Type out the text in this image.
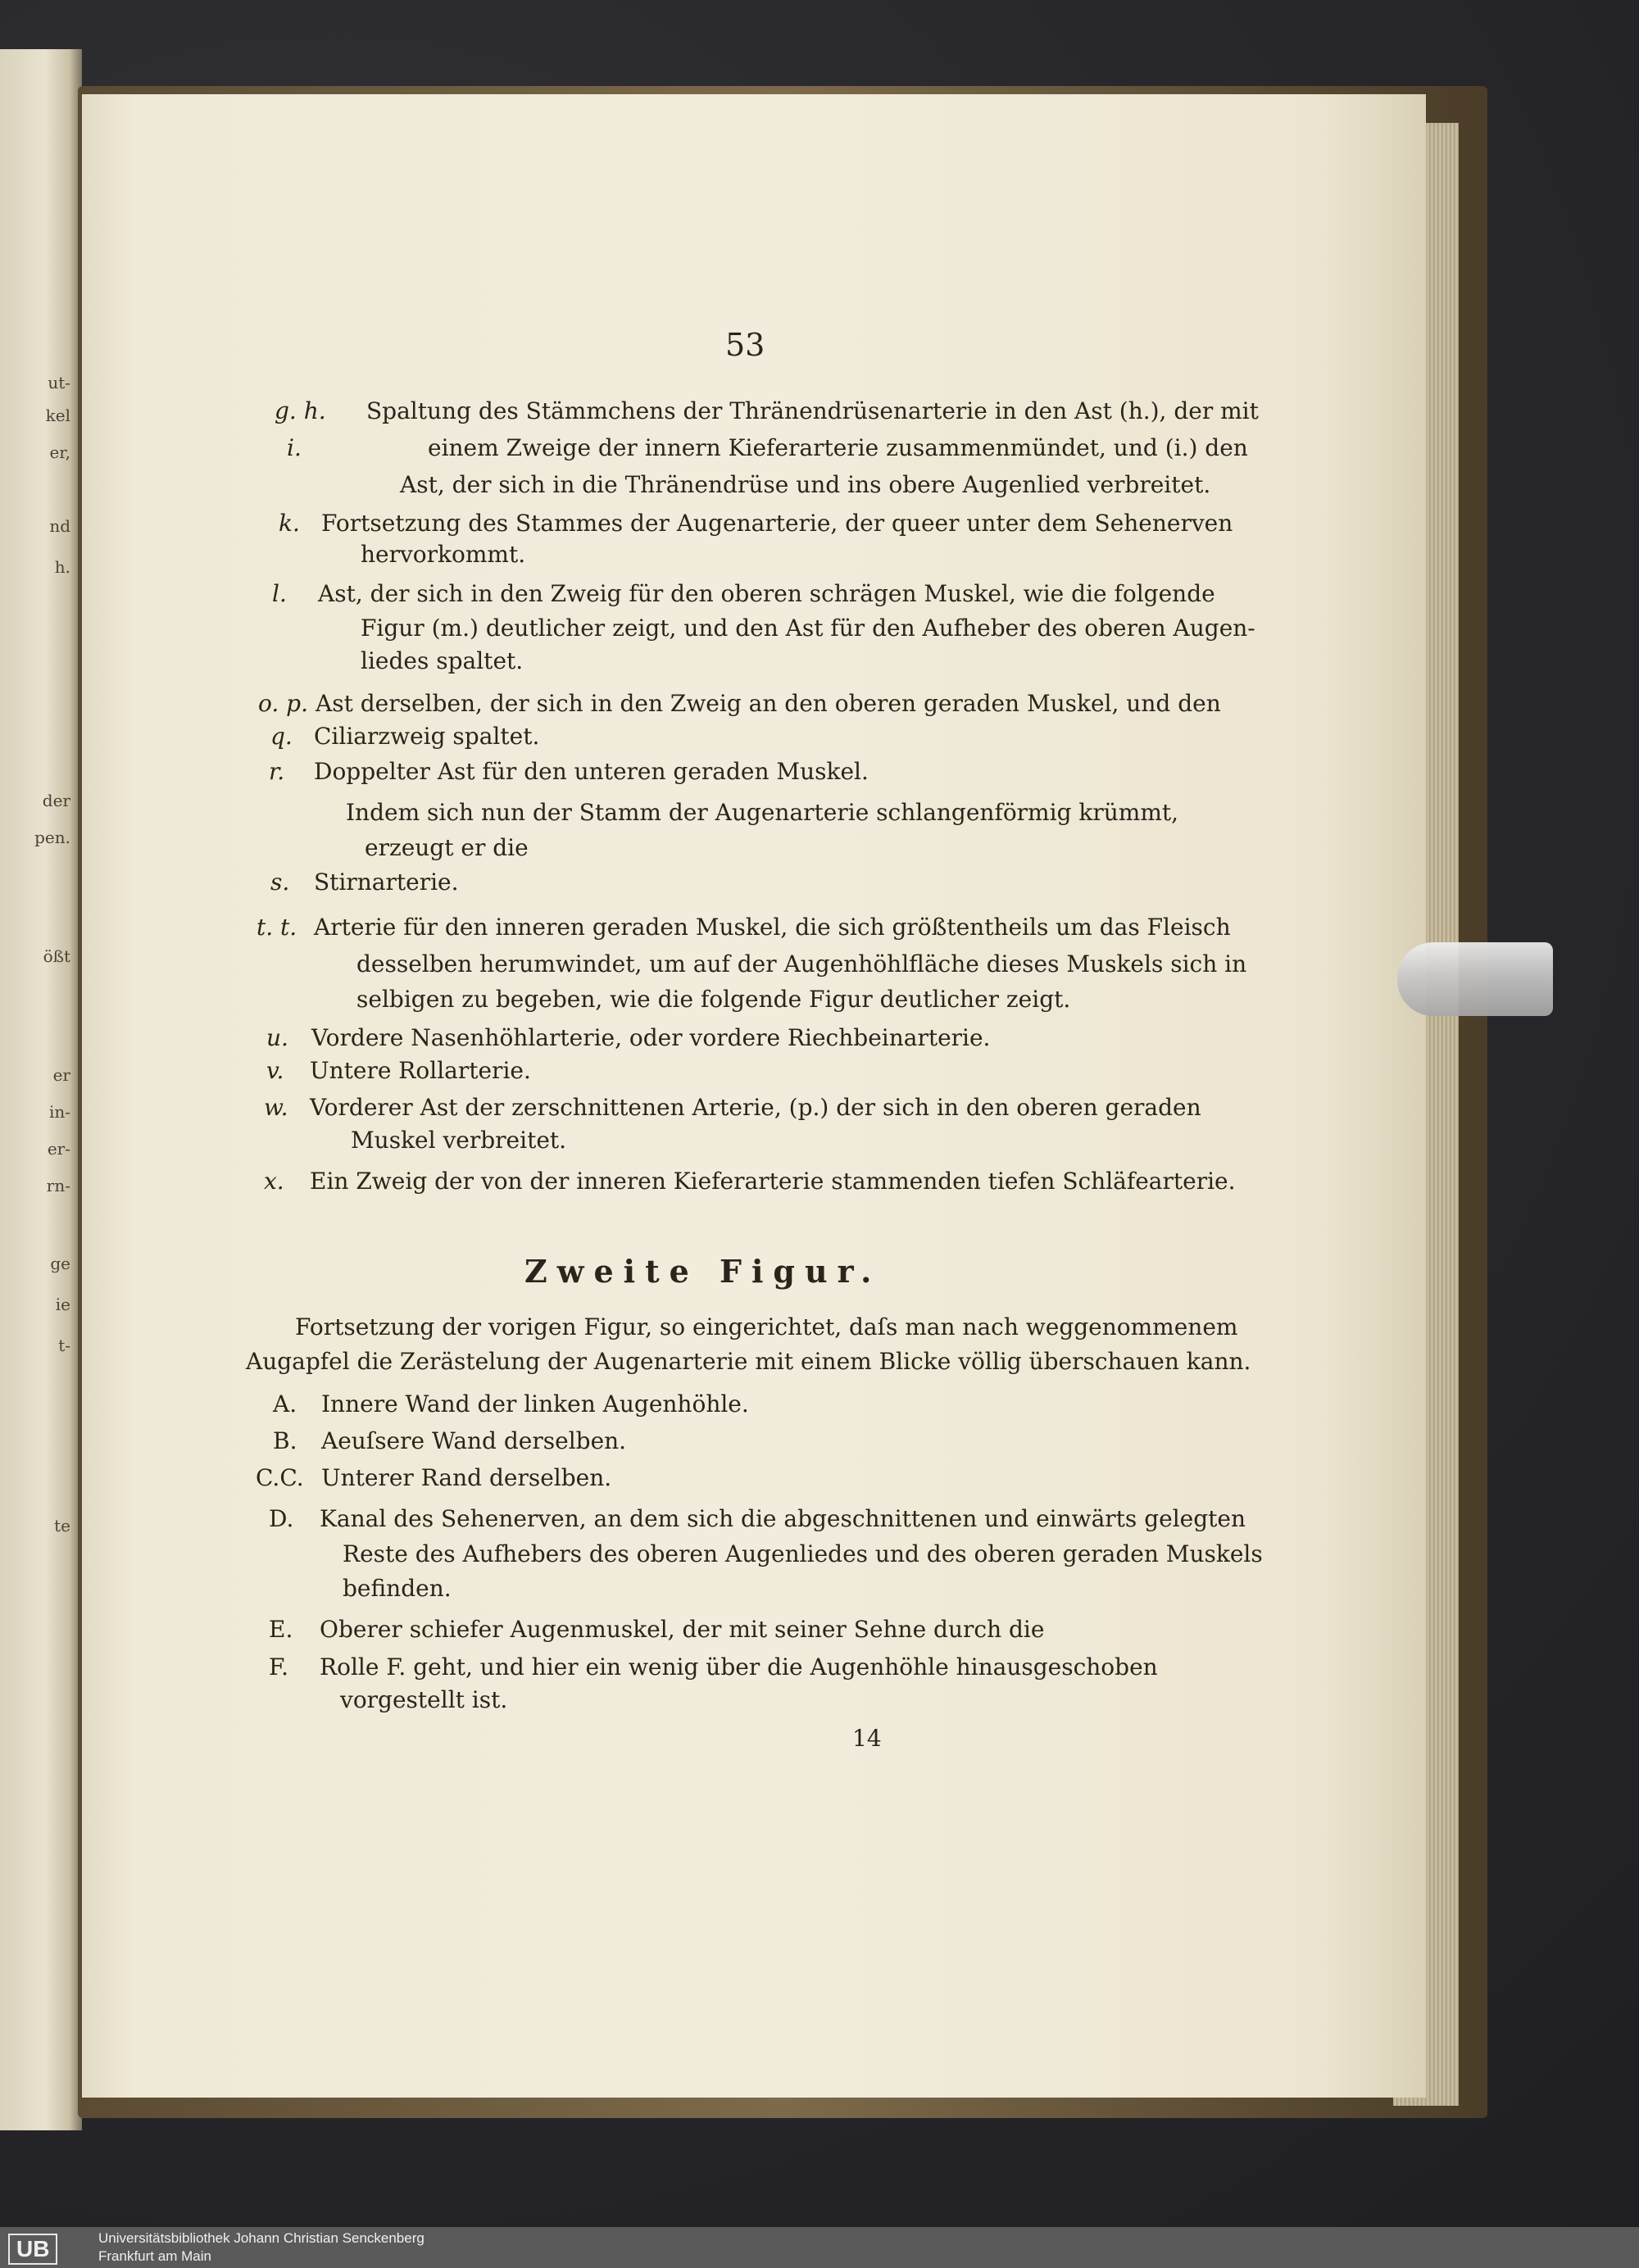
ut-
kel
er,
nd
h.
der
pen.
ößt
er
in-
er-
rn-
ge
ie
t-
te
53
g. h. Spaltung des Stämmchens der Thränendrüsenarterie in den Ast (h.), der mit
i.	einem Zweige der innern Kieferarterie zusammenmündet, und (i.) den
Ast, der sich in die Thränendrüse und ins obere Augenlied verbreitet.
k. Fortsetzung des Stammes der Augenarterie, der queer unter dem Sehenerven
hervorkommt.
l. Ast, der sich in den Zweig für den oberen schrägen Muskel, wie die folgende
Figur (m.) deutlicher zeigt, und den Ast für den Aufheber des oberen Augen-
liedes spaltet.
o. p. Ast derselben, der sich in den Zweig an den oberen geraden Muskel, und den
q. Ciliarzweig spaltet.
r. Doppelter Ast für den unteren geraden Muskel.
Indem sich nun der Stamm der Augenarterie schlangenförmig krümmt,
erzeugt er die
s. Stirnarterie.
t. t. Arterie für den inneren geraden Muskel, die sich größtentheils um das Fleisch
desselben herumwindet, um auf der Augenhöhlfläche dieses Muskels sich in
selbigen zu begeben, wie die folgende Figur deutlicher zeigt.
u. Vordere Nasenhöhlarterie, oder vordere Riechbeinarterie.
v. Untere Rollarterie.
w. Vorderer Ast der zerschnittenen Arterie, (p.) der sich in den oberen geraden
Muskel verbreitet.
x. Ein Zweig der von der inneren Kieferarterie stammenden tiefen Schläfearterie.
Zweite Figur.
Fortsetzung der vorigen Figur, so eingerichtet, daſs man nach weggenommenem
Augapfel die Zerästelung der Augenarterie mit einem Blicke völlig überschauen kann.
A. Innere Wand der linken Augenhöhle.
B. Aeuſsere Wand derselben.
C.C. Unterer Rand derselben.
D. Kanal des Sehenerven, an dem sich die abgeschnittenen und einwärts gelegten
Reste des Aufhebers des oberen Augenliedes und des oberen geraden Muskels
befinden.
E. Oberer schiefer Augenmuskel, der mit seiner Sehne durch die
F. Rolle F. geht, und hier ein wenig über die Augenhöhle hinausgeschoben
vorgestellt ist.
14
UB	Universitätsbibliothek Johann Christian Senckenberg
Frankfurt am Main
